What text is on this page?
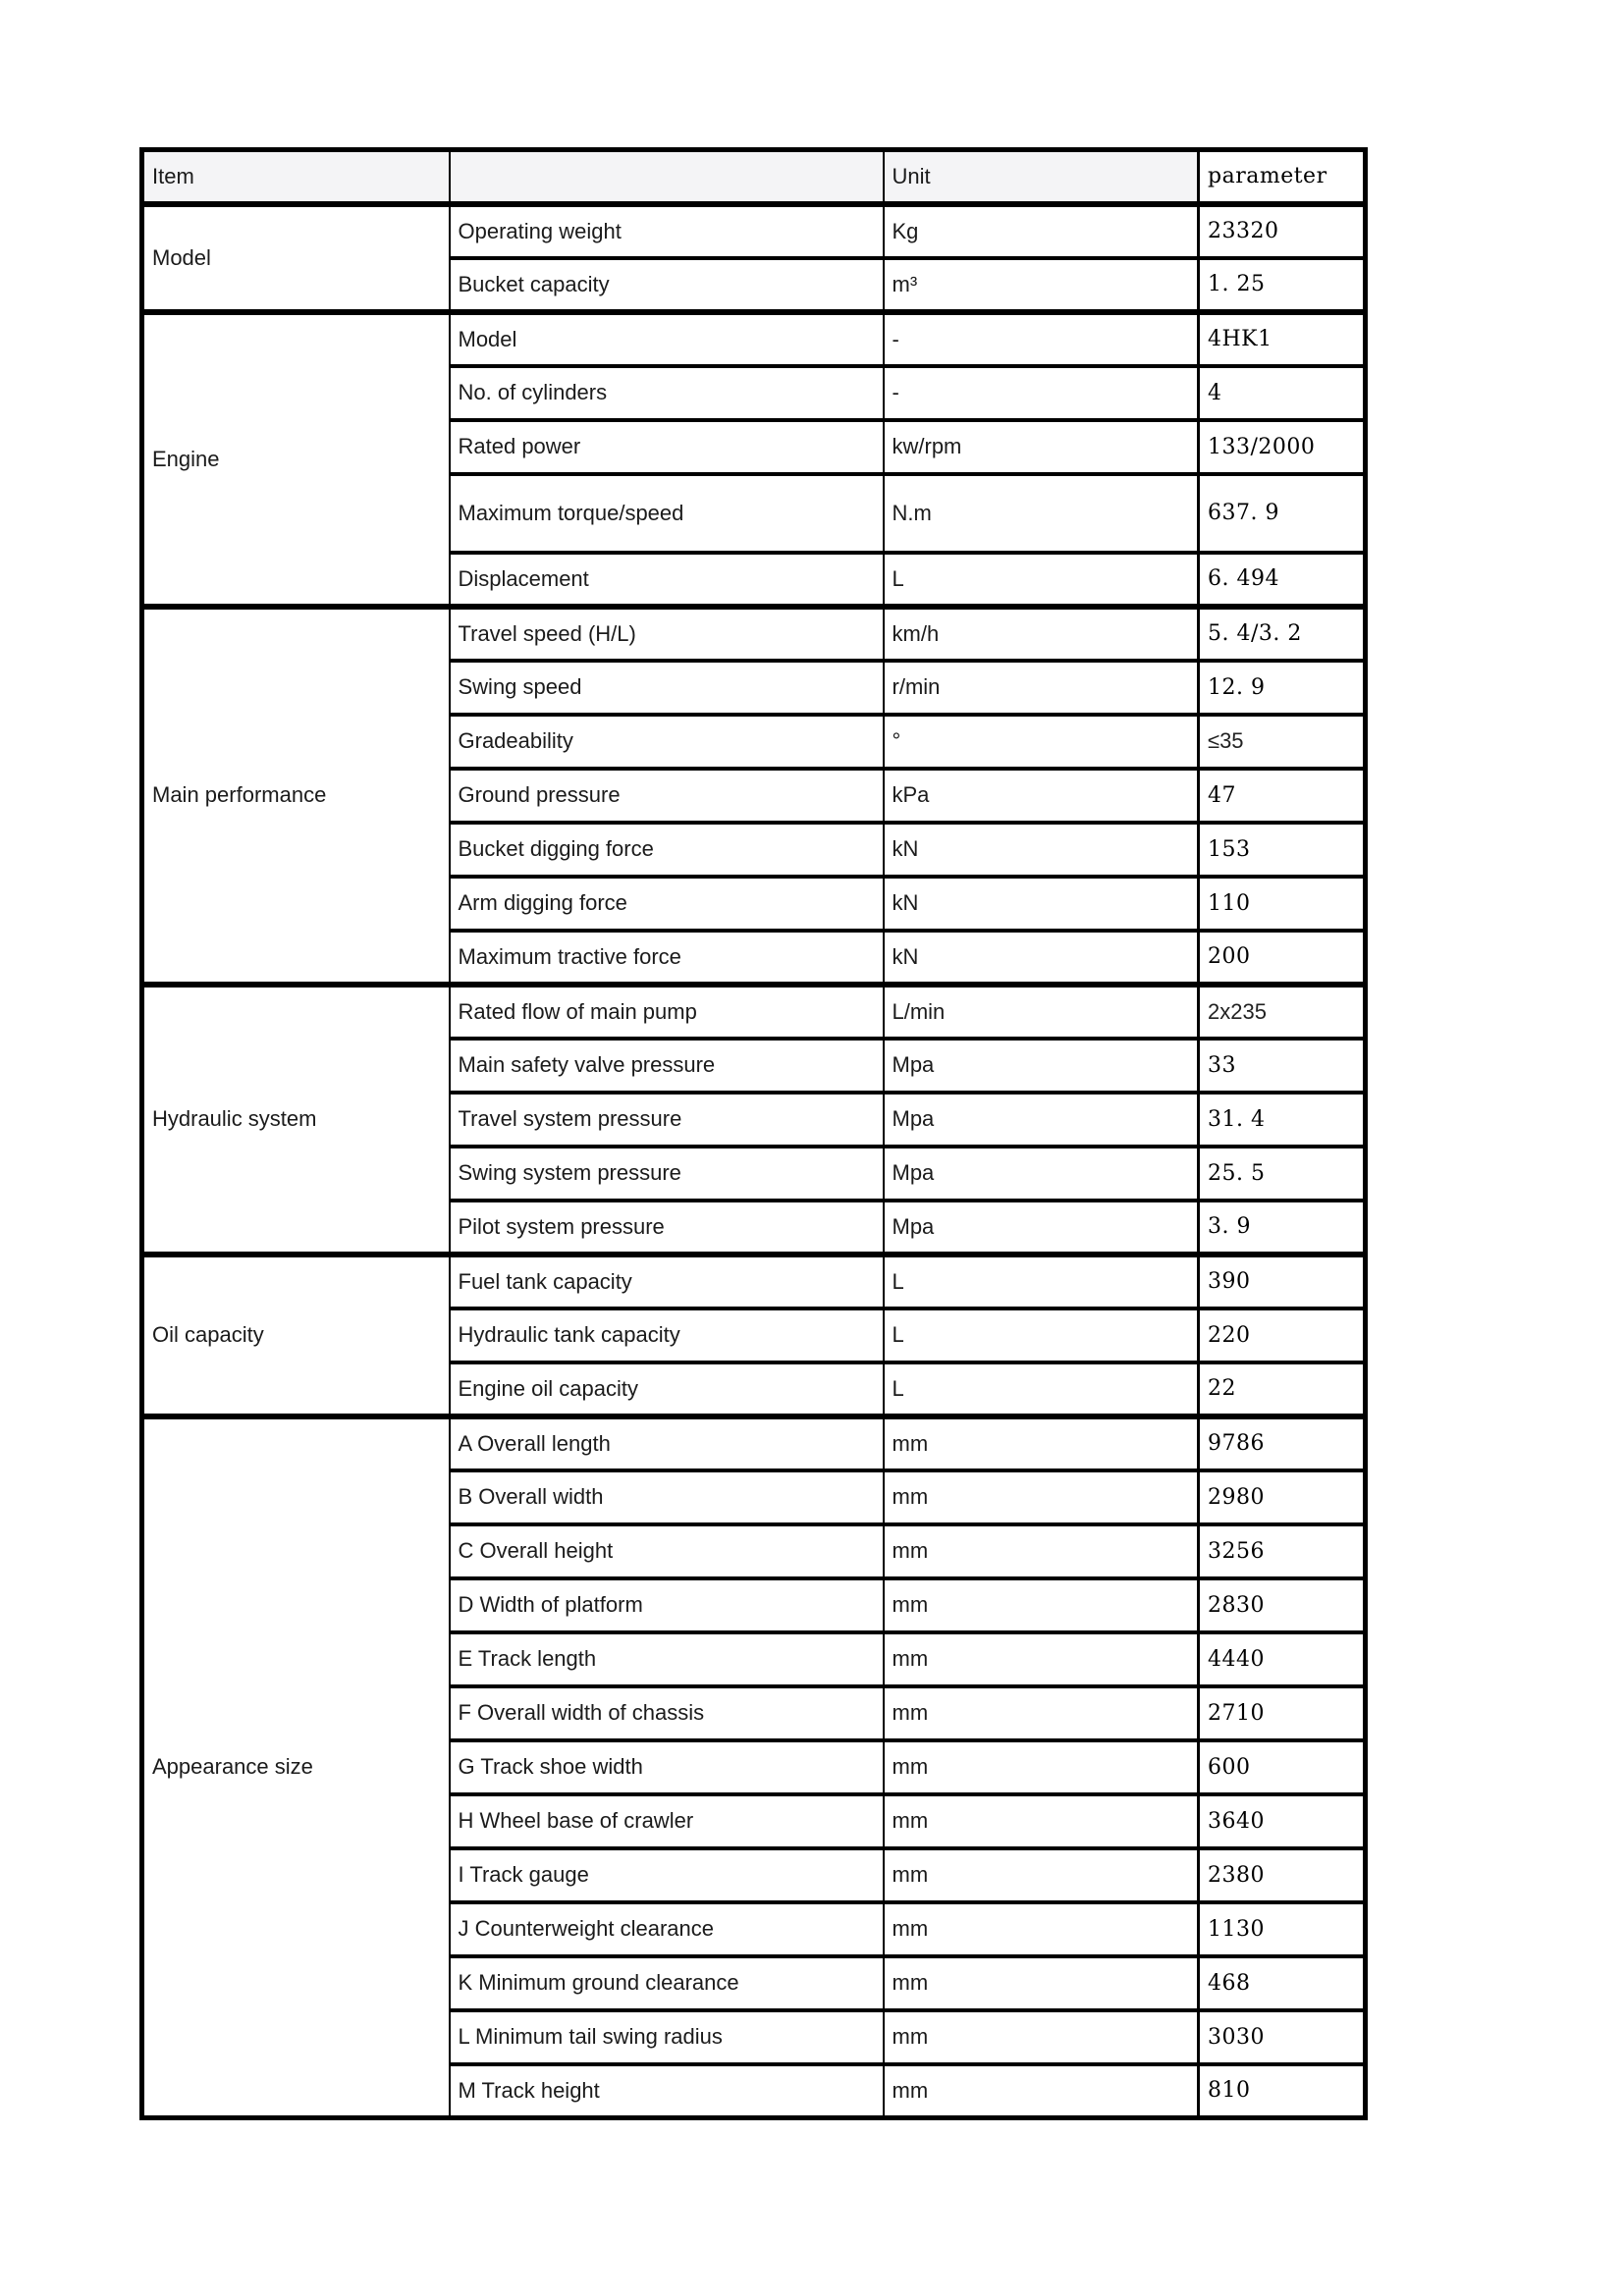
Item		Unit	parameter
Model	Operating weight	Kg	23320
	Bucket capacity	m³	1. 25
Engine	Model	-	4HK1
	No. of cylinders	-	4
	Rated power	kw/rpm	133/2000
	Maximum torque/speed	N.m	637. 9
	Displacement	L	6. 494
Main performance	Travel speed (H/L)	km/h	5. 4/3. 2
	Swing speed	r/min	12. 9
	Gradeability	°	≤35
	Ground pressure	kPa	47
	Bucket digging force	kN	153
	Arm digging force	kN	110
	Maximum tractive force	kN	200
Hydraulic system	Rated flow of main pump	L/min	2x235
	Main safety valve pressure	Mpa	33
	Travel system pressure	Mpa	31. 4
	Swing system pressure	Mpa	25. 5
	Pilot system pressure	Mpa	3. 9
Oil capacity	Fuel tank capacity	L	390
	Hydraulic tank capacity	L	220
	Engine oil capacity	L	22
Appearance size	A Overall length	mm	9786
	B Overall width	mm	2980
	C Overall height	mm	3256
	D Width of platform	mm	2830
	E Track length	mm	4440
	F Overall width of chassis	mm	2710
	G Track shoe width	mm	600
	H Wheel base of crawler	mm	3640
	I Track gauge	mm	2380
	J Counterweight clearance	mm	1130
	K Minimum ground clearance	mm	468
	L Minimum tail swing radius	mm	3030
	M Track height	mm	810
